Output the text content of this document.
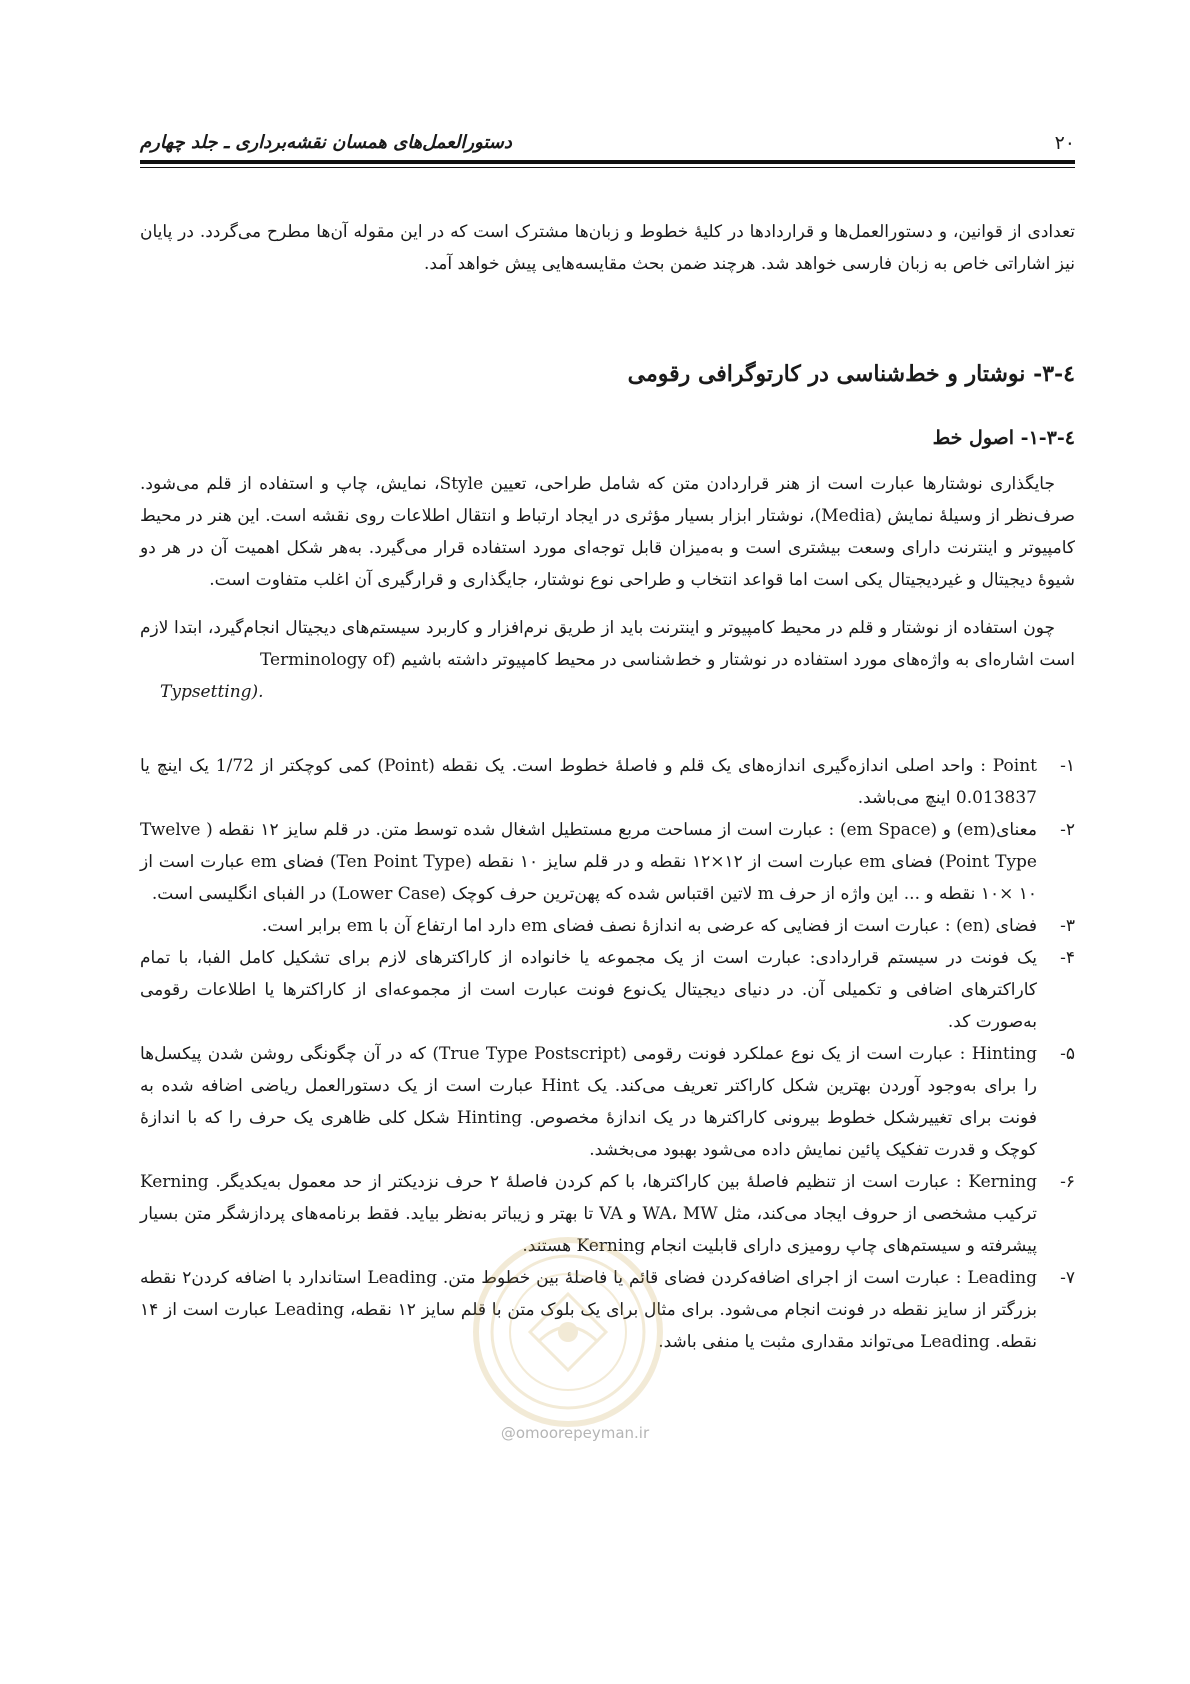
۲۰
دستورالعمل‌های همسان نقشه‌برداری ـ جلد چهارم

تعدادی از قوانین، و دستورالعمل‌ها و قراردادها در کلیهٔ خطوط و زبان‌ها مشترک است که در این مقوله آن‌ها مطرح می‌گردد. در پایان نیز اشاراتی خاص به زبان فارسی خواهد شد. هرچند ضمن بحث مقایسه‌هایی پیش خواهد آمد.

٤-٣- نوشتار و خط‌شناسی در کارتوگرافی رقومی
٤-٣-١- اصول خط

جایگذاری نوشتارها عبارت است از هنر قراردادن متن که شامل طراحی، تعیین Style، نمایش، چاپ و استفاده از قلم می‌شود. صرف‌نظر از وسیلهٔ نمایش (Media)، نوشتار ابزار بسیار مؤثری در ایجاد ارتباط و انتقال اطلاعات روی نقشه است. این هنر در محیط کامپیوتر و اینترنت دارای وسعت بیشتری است و به‌میزان قابل توجه‌ای مورد استفاده قرار می‌گیرد. به‌هر شکل اهمیت آن در هر دو شیوهٔ دیجیتال و غیردیجیتال یکی است اما قواعد انتخاب و طراحی نوع نوشتار، جایگذاری و قرارگیری آن اغلب متفاوت است.

چون استفاده از نوشتار و قلم در محیط کامپیوتر و اینترنت باید از طریق نرم‌افزار و کاربرد سیستم‌های دیجیتال انجام‌گیرد، ابتدا لازم است اشاره‌ای به واژه‌های مورد استفاده در نوشتار و خط‌شناسی در محیط کامپیوتر داشته باشیم (Terminology of
Typsetting).

١-
Point : واحد اصلی اندازه‌گیری اندازه‌های یک قلم و فاصلهٔ خطوط است. یک نقطه (Point) کمی کوچکتر از 1/72 یک اینچ یا 0.013837 اینچ می‌باشد.
٢-
معنای(em) و (em Space) : عبارت است از مساحت مربع مستطیل اشغال شده توسط متن. در قلم سایز ۱۲ نقطه ( Twelve Point Type) فضای em عبارت است از ۱۲×۱۲ نقطه و در قلم سایز ۱۰ نقطه (Ten Point Type) فضای em عبارت است از ۱۰ ×۱۰ نقطه و ... این واژه از حرف m لاتین اقتباس شده که پهن‌ترین حرف کوچک (Lower Case) در الفبای انگلیسی است.
٣-
فضای (en) : عبارت است از فضایی که عرضی به اندازهٔ نصف فضای em دارد اما ارتفاع آن با em برابر است.
۴-
یک فونت در سیستم قراردادی: عبارت است از یک مجموعه یا خانواده از کاراکترهای لازم برای تشکیل کامل الفبا، با تمام کاراکترهای اضافی و تکمیلی آن. در دنیای دیجیتال یک‌نوع فونت عبارت است از مجموعه‌ای از کاراکترها یا اطلاعات رقومی به‌صورت کد.
۵-
Hinting : عبارت است از یک نوع عملکرد فونت رقومی (True Type Postscript) که در آن چگونگی روشن شدن پیکسل‌ها را برای به‌وجود آوردن بهترین شکل کاراکتر تعریف می‌کند. یک Hint عبارت است از یک دستورالعمل ریاضی اضافه شده به فونت برای تغییرشکل خطوط بیرونی کاراکترها در یک اندازهٔ مخصوص. Hinting شکل کلی ظاهری یک حرف را که با اندازهٔ کوچک و قدرت تفکیک پائین نمایش داده می‌شود بهبود می‌بخشد.
۶-
Kerning : عبارت است از تنظیم فاصلهٔ بین کاراکترها، با کم کردن فاصلهٔ ۲ حرف نزدیکتر از حد معمول به‌یکدیگر. Kerning ترکیب مشخصی از حروف ایجاد می‌کند، مثل WA، MW و VA تا بهتر و زیباتر به‌نظر بیاید. فقط برنامه‌های پردازشگر متن بسیار پیشرفته و سیستم‌های چاپ رومیزی دارای قابلیت انجام Kerning هستند.
٧-
Leading : عبارت است از اجرای اضافه‌کردن فضای قائم یا فاصلهٔ بین خطوط متن. Leading استاندارد با اضافه کردن۲ نقطه بزرگتر از سایز نقطه در فونت انجام می‌شود. برای مثال برای یک بلوک متن با قلم سایز ۱۲ نقطه، Leading عبارت است از ۱۴ نقطه. Leading می‌تواند مقداری مثبت یا منفی باشد.
@omoorepeyman.ir
